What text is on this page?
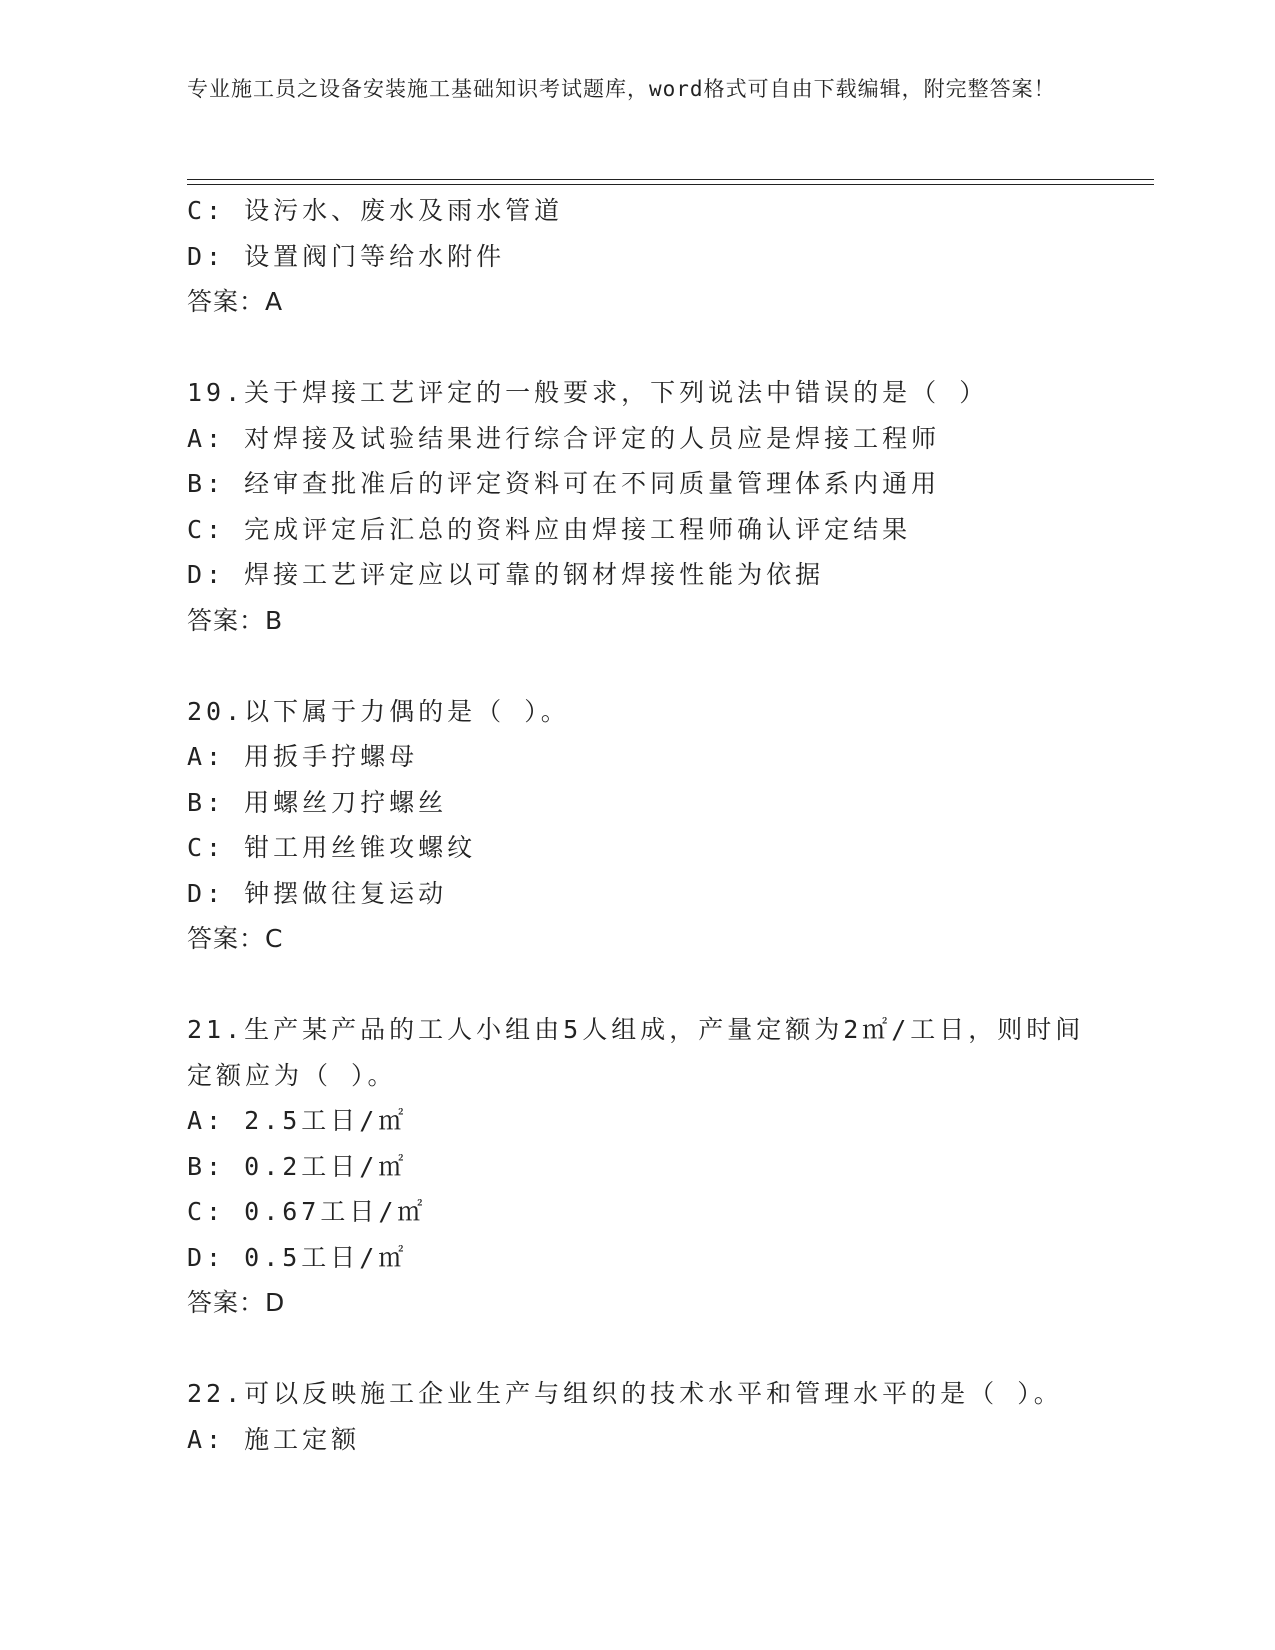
专业施工员之设备安装施工基础知识考试题库，word格式可自由下载编辑，附完整答案！
C: 设污水、废水及雨水管道
D: 设置阀门等给水附件
答案：A
19.关于焊接工艺评定的一般要求，下列说法中错误的是（ ）
A: 对焊接及试验结果进行综合评定的人员应是焊接工程师
B: 经审查批准后的评定资料可在不同质量管理体系内通用
C: 完成评定后汇总的资料应由焊接工程师确认评定结果
D: 焊接工艺评定应以可靠的钢材焊接性能为依据
答案：B
20.以下属于力偶的是（ ）。
A: 用扳手拧螺母
B: 用螺丝刀拧螺丝
C: 钳工用丝锥攻螺纹
D: 钟摆做往复运动
答案：C
21.生产某产品的工人小组由5人组成，产量定额为2㎡/工日，则时间
定额应为（ ）。
A: 2.5工日/㎡
B: 0.2工日/㎡
C: 0.67工日/㎡
D: 0.5工日/㎡
答案：D
22.可以反映施工企业生产与组织的技术水平和管理水平的是（ ）。
A: 施工定额
